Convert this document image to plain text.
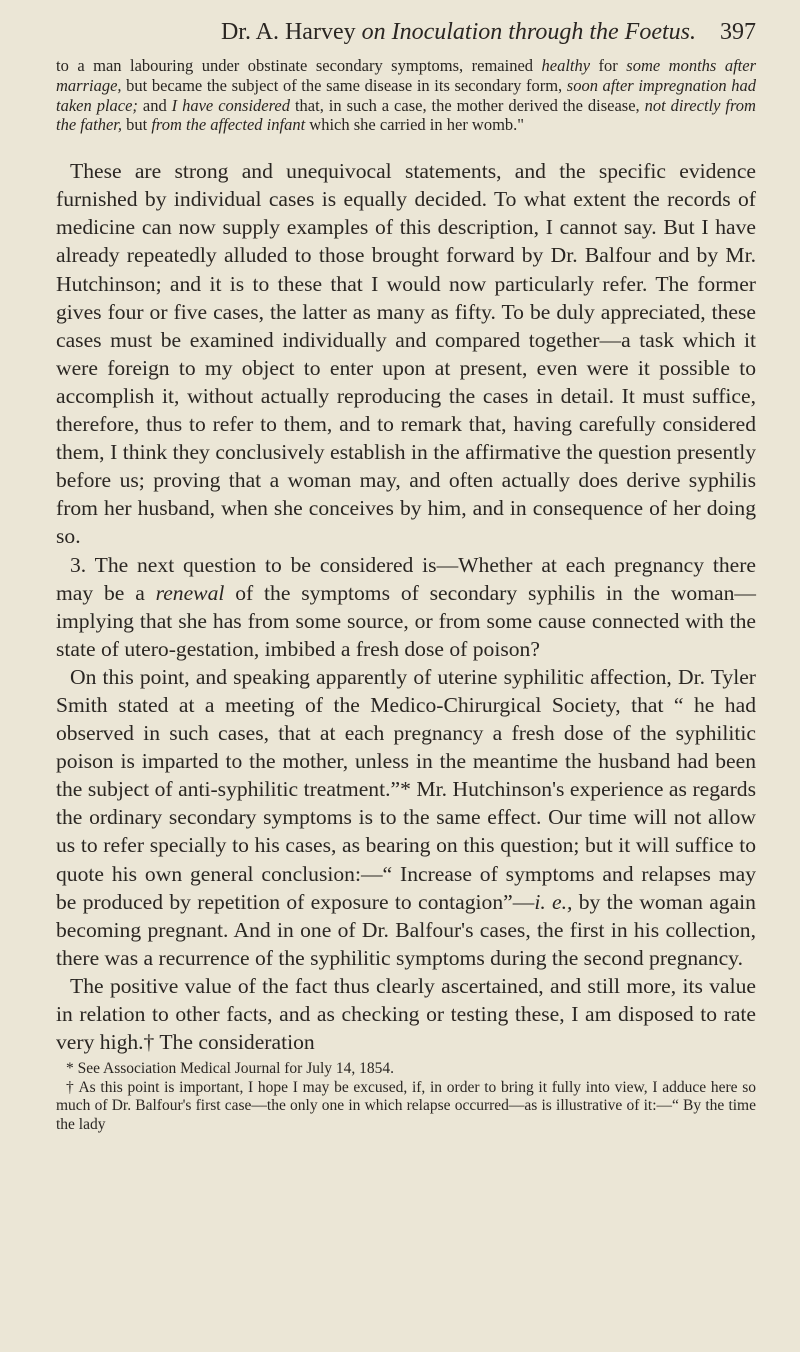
Dr. A. Harvey on Inoculation through the Foetus. 397
to a man labouring under obstinate secondary symptoms, remained healthy for some months after marriage, but became the subject of the same disease in its secondary form, soon after impregnation had taken place; and I have considered that, in such a case, the mother derived the disease, not directly from the father, but from the affected infant which she carried in her womb."

These are strong and unequivocal statements, and the specific evidence furnished by individual cases is equally decided. To what extent the records of medicine can now supply examples of this description, I cannot say. But I have already repeatedly alluded to those brought forward by Dr. Balfour and by Mr. Hutchinson; and it is to these that I would now particularly refer. The former gives four or five cases, the latter as many as fifty. To be duly appreciated, these cases must be examined individually and compared together—a task which it were foreign to my object to enter upon at present, even were it possible to accomplish it, without actually reproducing the cases in detail. It must suffice, therefore, thus to refer to them, and to remark that, having carefully considered them, I think they conclusively establish in the affirmative the question presently before us; proving that a woman may, and often actually does derive syphilis from her husband, when she conceives by him, and in consequence of her doing so.

3. The next question to be considered is—Whether at each pregnancy there may be a renewal of the symptoms of secondary syphilis in the woman—implying that she has from some source, or from some cause connected with the state of utero-gestation, imbibed a fresh dose of poison?

On this point, and speaking apparently of uterine syphilitic affection, Dr. Tyler Smith stated at a meeting of the Medico-Chirurgical Society, that “ he had observed in such cases, that at each pregnancy a fresh dose of the syphilitic poison is imparted to the mother, unless in the meantime the husband had been the subject of anti-syphilitic treatment.”* Mr. Hutchinson's experience as regards the ordinary secondary symptoms is to the same effect. Our time will not allow us to refer specially to his cases, as bearing on this question; but it will suffice to quote his own general conclusion:—“ Increase of symptoms and relapses may be produced by repetition of exposure to contagion”—i. e., by the woman again becoming pregnant. And in one of Dr. Balfour's cases, the first in his collection, there was a recurrence of the syphilitic symptoms during the second pregnancy.

The positive value of the fact thus clearly ascertained, and still more, its value in relation to other facts, and as checking or testing these, I am disposed to rate very high.† The consideration

* See Association Medical Journal for July 14, 1854.

† As this point is important, I hope I may be excused, if, in order to bring it fully into view, I adduce here so much of Dr. Balfour's first case—the only one in which relapse occurred—as is illustrative of it:—“ By the time the lady
